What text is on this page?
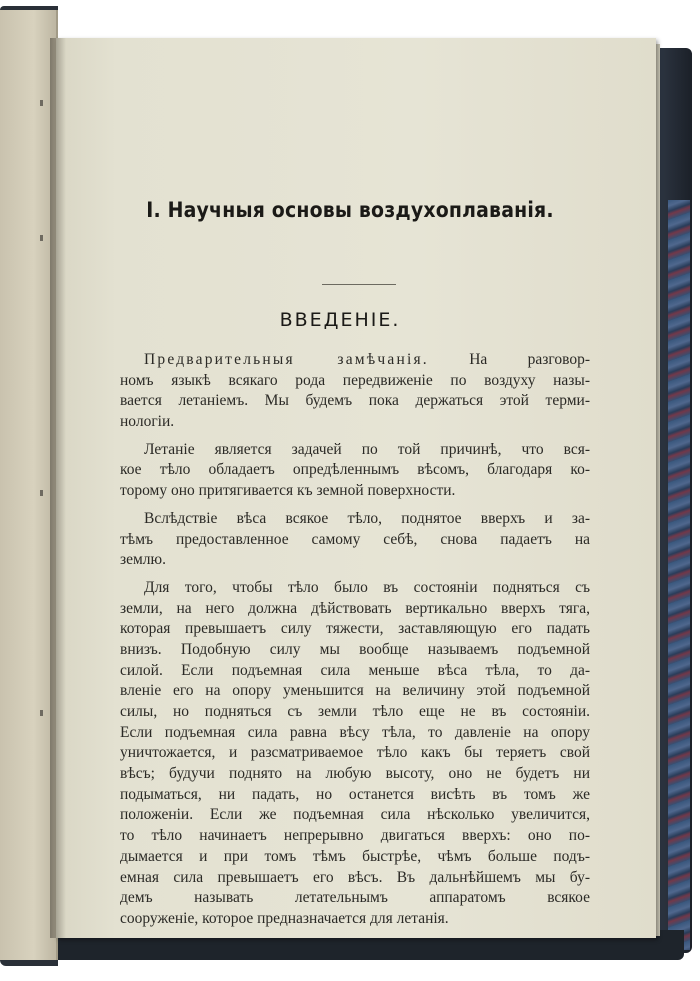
I. Научныя основы воздухоплаванія.
ВВЕДЕНІЕ.
Предварительныя замѣчанія. На разговор-
номъ языкѣ всякаго рода передвиженіе по воздуху назы-
вается летаніемъ. Мы будемъ пока держаться этой терми-
нологіи.
Летаніе является задачей по той причинѣ, что вся-
кое тѣло обладаетъ опредѣленнымъ вѣсомъ, благодаря ко-
торому оно притягивается къ земной поверхности.
Вслѣдствіе вѣса всякое тѣло, поднятое вверхъ и за-
тѣмъ предоставленное самому себѣ, снова падаетъ на
землю.
Для того, чтобы тѣло было въ состояніи подняться съ
земли, на него должна дѣйствовать вертикально вверхъ тяга,
которая превышаетъ силу тяжести, заставляющую его падать
внизъ. Подобную силу мы вообще называемъ подъемной
силой. Если подъемная сила меньше вѣса тѣла, то да-
вленіе его на опору уменьшится на величину этой подъемной
силы, но подняться съ земли тѣло еще не въ состояніи.
Если подъемная сила равна вѣсу тѣла, то давленіе на опору
уничтожается, и разсматриваемое тѣло какъ бы теряетъ свой
вѣсъ; будучи поднято на любую высоту, оно не будетъ ни
подыматься, ни падать, но останется висѣть въ томъ же
положеніи. Если же подъемная сила нѣсколько увеличится,
то тѣло начинаетъ непрерывно двигаться вверхъ: оно по-
дымается и при томъ тѣмъ быстрѣе, чѣмъ больше подъ-
емная сила превышаетъ его вѣсъ. Въ дальнѣйшемъ мы бу-
демъ называть летательнымъ аппаратомъ всякое
сооруженіе, которое предназначается для летанія.
